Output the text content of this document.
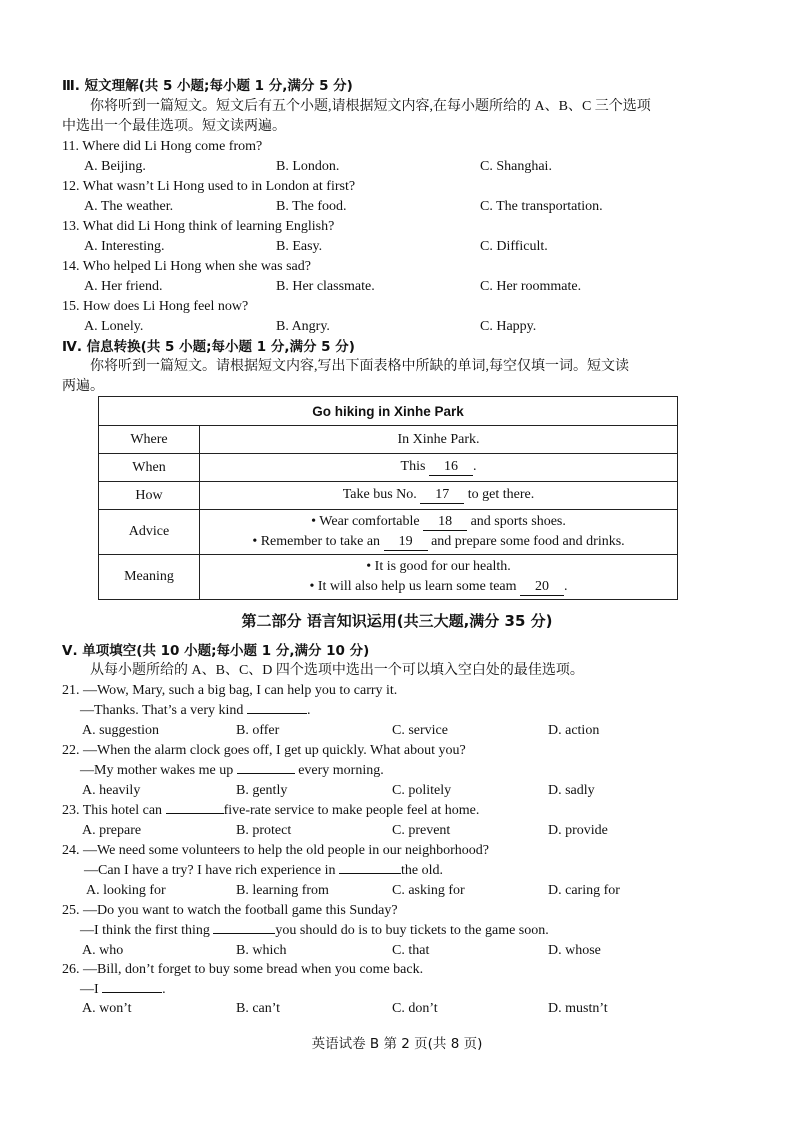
Ⅲ. 短文理解(共 5 小题;每小题 1 分,满分 5 分)
你将听到一篇短文。短文后有五个小题,请根据短文内容,在每小题所给的 A、B、C 三个选项
中选出一个最佳选项。短文读两遍。
11. Where did Li Hong come from?
A. Beijing.	B. London.	C. Shanghai.
12. What wasn’t Li Hong used to in London at first?
A. The weather.	B. The food.	C. The transportation.
13. What did Li Hong think of learning English?
A. Interesting.	B. Easy.	C. Difficult.
14. Who helped Li Hong when she was sad?
A. Her friend.	B. Her classmate.	C. Her roommate.
15. How does Li Hong feel now?
A. Lonely.	B. Angry.	C. Happy.
Ⅳ. 信息转换(共 5 小题;每小题 1 分,满分 5 分)
你将听到一篇短文。请根据短文内容,写出下面表格中所缺的单词,每空仅填一词。短文读
两遍。
Go hiking in Xinhe Park	
Where	In Xinhe Park.
When	This 16 .
How	Take bus No. 17 to get there.
Advice	• Wear comfortable 18 and sports shoes.
• Remember to take an 19 and prepare some food and drinks.

Meaning	• It is good for our health.
• It will also help us learn some team 20 .
第二部分 语言知识运用(共三大题,满分 35 分)
Ⅴ. 单项填空(共 10 小题;每小题 1 分,满分 10 分)
从每小题所给的 A、B、C、D 四个选项中选出一个可以填入空白处的最佳选项。
21. —Wow, Mary, such a big bag, I can help you to carry it.
—Thanks. That’s a very kind	.
A. suggestion	B. offer	C. service	D. action
22. —When the alarm clock goes off, I get up quickly. What about you?
—My mother wakes me up	every morning.
A. heavily	B. gently	C. politely	D. sadly
23. This hotel can	five-rate service to make people feel at home.
A. prepare	B. protect	C. prevent	D. provide
24. —We need some volunteers to help the old people in our neighborhood?
—Can I have a try? I have rich experience in	the old.
A. looking for	B. learning from	C. asking for	D. caring for
25. —Do you want to watch the football game this Sunday?
—I think the first thing	you should do is to buy tickets to the game soon.
A. who	B. which	C. that	D. whose
26. —Bill, don’t forget to buy some bread when you come back.
—I	.
A. won’t	B. can’t	C. don’t	D. mustn’t
英语试卷 B 第 2 页(共 8 页)
